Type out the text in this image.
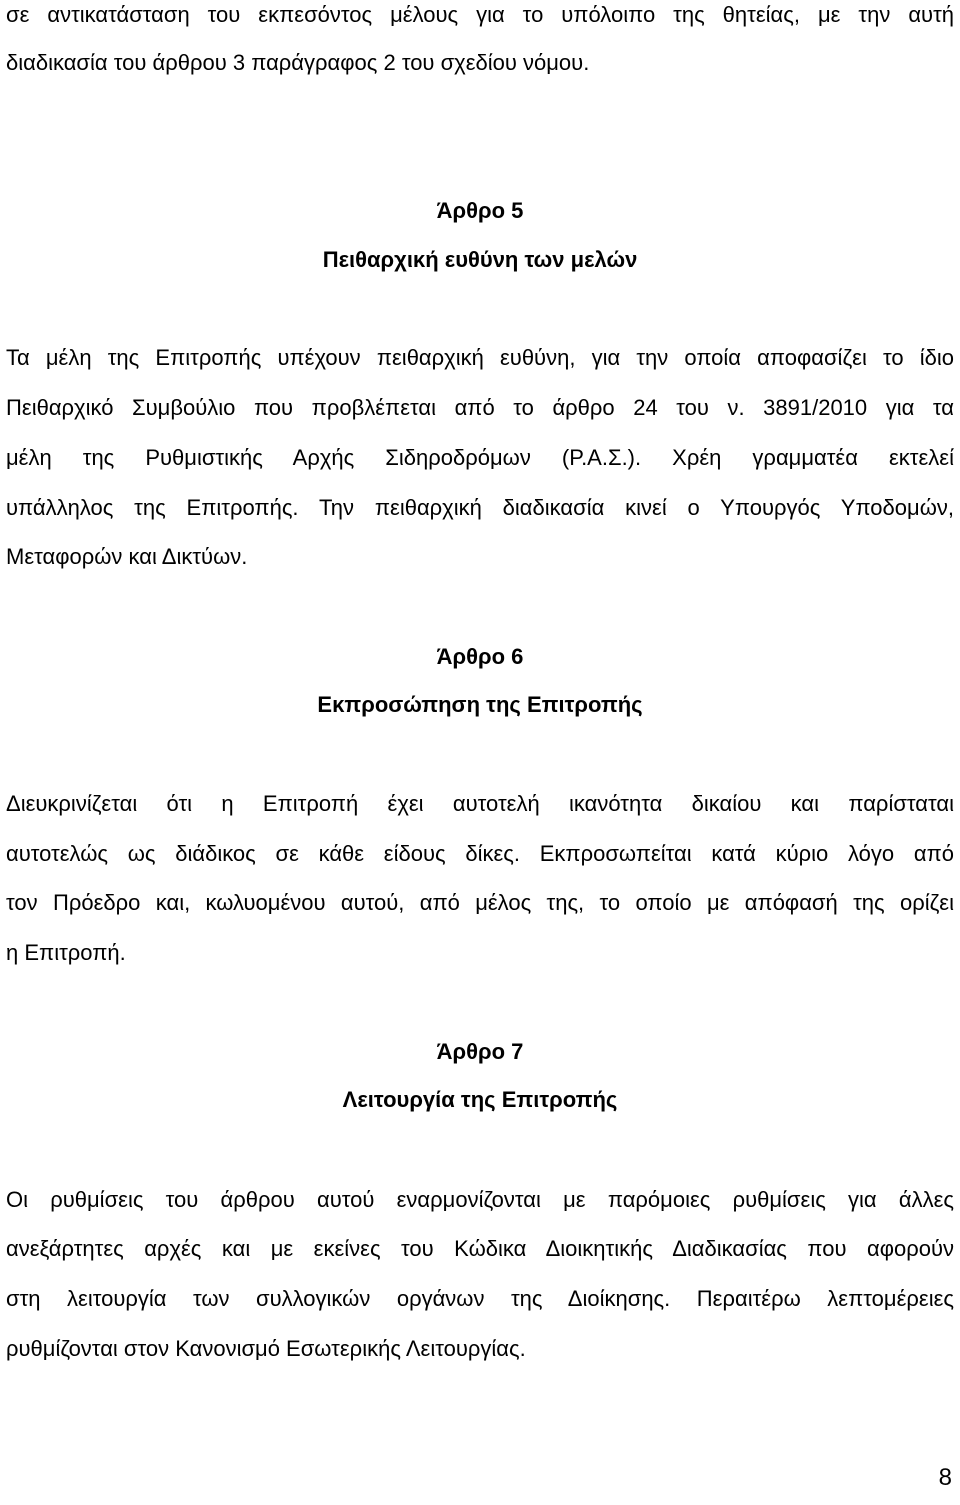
σε αντικατάσταση του εκπεσόντος μέλους για το υπόλοιπο της θητείας, με την αυτή
διαδικασία του άρθρου 3 παράγραφος 2 του σχεδίου νόμου.
Άρθρο 5
Πειθαρχική ευθύνη των μελών
Τα μέλη της Επιτροπής υπέχουν πειθαρχική ευθύνη, για την οποία αποφασίζει το ίδιο
Πειθαρχικό Συμβούλιο που προβλέπεται από το άρθρο 24 του ν. 3891/2010 για τα
μέλη της Ρυθμιστικής Αρχής Σιδηροδρόμων (Ρ.Α.Σ.). Χρέη γραμματέα εκτελεί
υπάλληλος της Επιτροπής. Την πειθαρχική διαδικασία κινεί ο Υπουργός Υποδομών,
Μεταφορών και Δικτύων.
Άρθρο 6
Εκπροσώπηση της Επιτροπής
Διευκρινίζεται ότι η Επιτροπή έχει αυτοτελή ικανότητα δικαίου και παρίσταται
αυτοτελώς ως διάδικος σε κάθε είδους δίκες. Εκπροσωπείται κατά κύριο λόγο από
τον Πρόεδρο και, κωλυομένου αυτού, από μέλος της, το οποίο με απόφασή της ορίζει
η Επιτροπή.
Άρθρο 7
Λειτουργία της Επιτροπής
Οι ρυθμίσεις του άρθρου αυτού εναρμονίζονται με παρόμοιες ρυθμίσεις για άλλες
ανεξάρτητες αρχές και με εκείνες του Κώδικα Διοικητικής Διαδικασίας που αφορούν
στη λειτουργία των συλλογικών οργάνων της Διοίκησης. Περαιτέρω λεπτομέρειες
ρυθμίζονται στον Κανονισμό Εσωτερικής Λειτουργίας.
8
